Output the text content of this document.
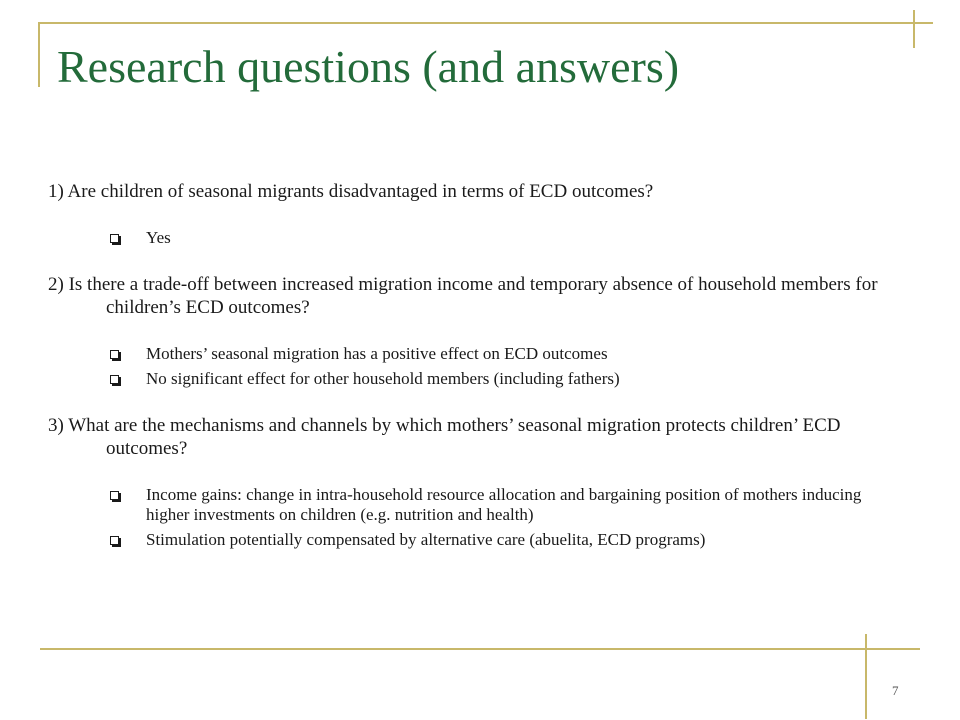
Research questions (and answers)

1) Are children of seasonal migrants disadvantaged in terms of ECD outcomes?

Yes

2) Is there a trade-off between increased migration income and temporary absence of household members for children’s ECD outcomes?

Mothers’ seasonal migration has a positive effect on ECD outcomes
No significant effect for other household members (including fathers)

3) What are the mechanisms and channels by which mothers’ seasonal migration protects children’ ECD outcomes?

Income gains: change in intra-household resource allocation and bargaining position of mothers inducing higher investments on children (e.g. nutrition and health)
Stimulation potentially compensated by alternative care (abuelita, ECD programs)
7
